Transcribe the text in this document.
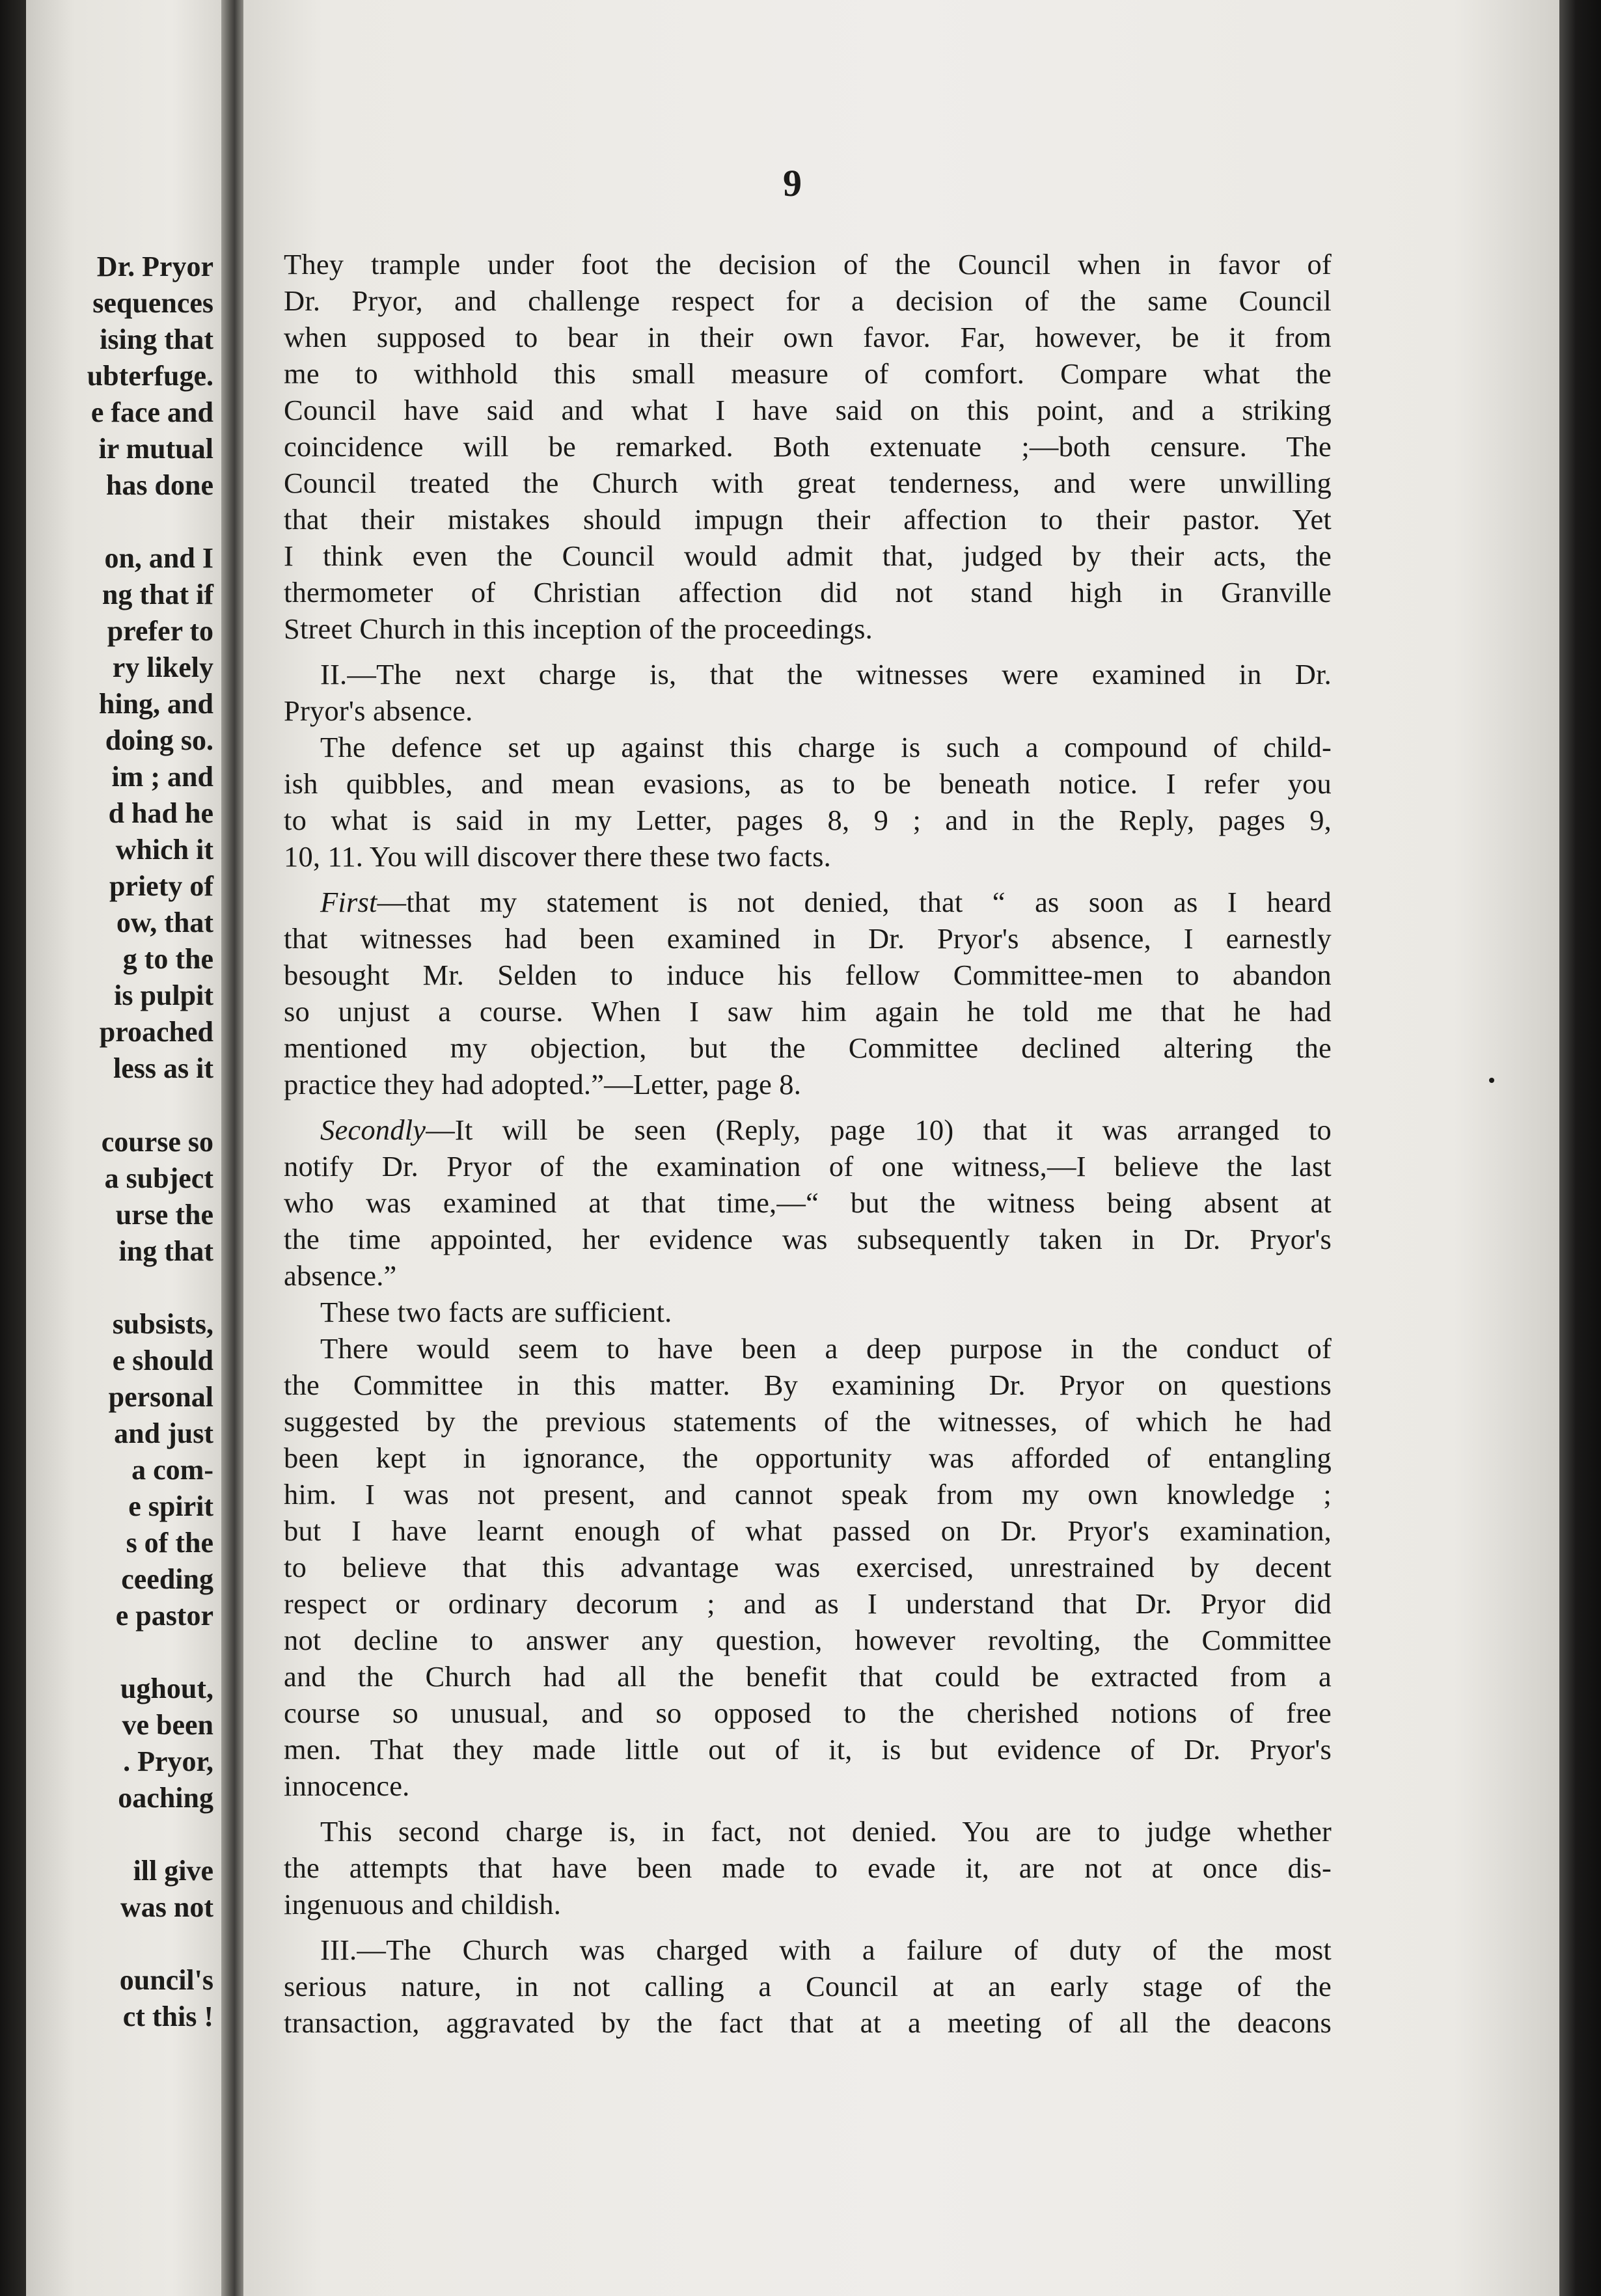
Dr. Pryor
sequences
ising that
ubterfuge.
e face and
ir mutual
has done
on, and I
ng that if
prefer to
ry likely
hing, and
doing so.
im ; and
d had he
which it
priety of
ow, that
g to the
is pulpit
proached
less as it
course so
a subject
urse the
ing that
subsists,
e should
personal
and just
a com-
e spirit
s of the
ceeding
e pastor
ughout,
ve been
. Pryor,
oaching
ill give
was not
ouncil's
ct this !
9
They trample under foot the decision of the Council when in favor of
Dr. Pryor, and challenge respect for a decision of the same Council
when supposed to bear in their own favor. Far, however, be it from
me to withhold this small measure of comfort. Compare what the
Council have said and what I have said on this point, and a striking
coincidence will be remarked. Both extenuate ;—both censure. The
Council treated the Church with great tenderness, and were unwilling
that their mistakes should impugn their affection to their pastor. Yet
I think even the Council would admit that, judged by their acts, the
thermometer of Christian affection did not stand high in Granville
Street Church in this inception of the proceedings.
II.—The next charge is, that the witnesses were examined in Dr.
Pryor's absence.
The defence set up against this charge is such a compound of child-
ish quibbles, and mean evasions, as to be beneath notice. I refer you
to what is said in my Letter, pages 8, 9 ; and in the Reply, pages 9,
10, 11. You will discover there these two facts.
First—that my statement is not denied, that “ as soon as I heard
that witnesses had been examined in Dr. Pryor's absence, I earnestly
besought Mr. Selden to induce his fellow Committee-men to abandon
so unjust a course. When I saw him again he told me that he had
mentioned my objection, but the Committee declined altering the
practice they had adopted.”—Letter, page 8.
Secondly—It will be seen (Reply, page 10) that it was arranged to
notify Dr. Pryor of the examination of one witness,—I believe the last
who was examined at that time,—“ but the witness being absent at
the time appointed, her evidence was subsequently taken in Dr. Pryor's
absence.”
These two facts are sufficient.
There would seem to have been a deep purpose in the conduct of
the Committee in this matter. By examining Dr. Pryor on questions
suggested by the previous statements of the witnesses, of which he had
been kept in ignorance, the opportunity was afforded of entangling
him. I was not present, and cannot speak from my own knowledge ;
but I have learnt enough of what passed on Dr. Pryor's examination,
to believe that this advantage was exercised, unrestrained by decent
respect or ordinary decorum ; and as I understand that Dr. Pryor did
not decline to answer any question, however revolting, the Committee
and the Church had all the benefit that could be extracted from a
course so unusual, and so opposed to the cherished notions of free
men. That they made little out of it, is but evidence of Dr. Pryor's
innocence.
This second charge is, in fact, not denied. You are to judge whether
the attempts that have been made to evade it, are not at once dis-
ingenuous and childish.
III.—The Church was charged with a failure of duty of the most
serious nature, in not calling a Council at an early stage of the
transaction, aggravated by the fact that at a meeting of all the deacons
